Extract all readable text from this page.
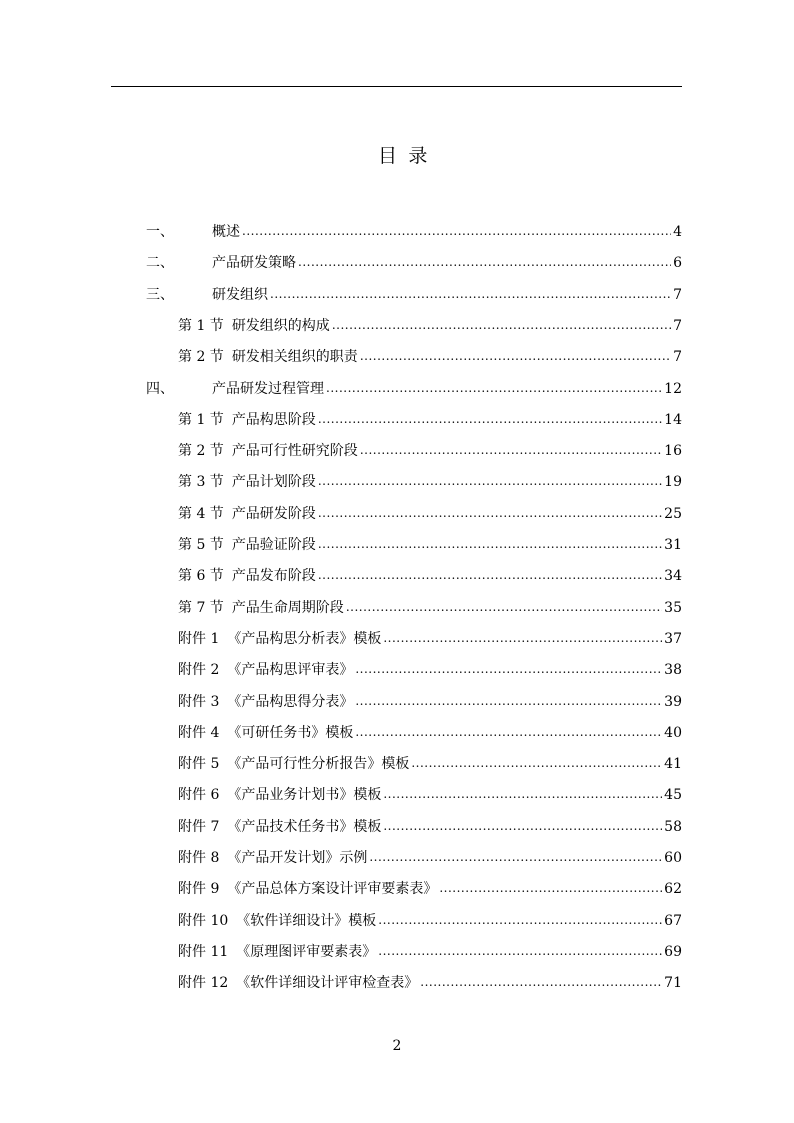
目录
一、	概述 .....	4
二、	产品研发策略 .....	6
三、	研发组织 .....	7
第 1 节 研发组织的构成 .....	7
第 2 节 研发相关组织的职责 .....	7
四、	产品研发过程管理 .....	12
第 1 节 产品构思阶段 .....	14
第 2 节 产品可行性研究阶段 .....	16
第 3 节 产品计划阶段 .....	19
第 4 节 产品研发阶段 .....	25
第 5 节 产品验证阶段 .....	31
第 6 节 产品发布阶段 .....	34
第 7 节 产品生命周期阶段 .....	35
附件 1 《产品构思分析表》模板 .....	37
附件 2 《产品构思评审表》 .....	38
附件 3 《产品构思得分表》 .....	39
附件 4 《可研任务书》模板 .....	40
附件 5 《产品可行性分析报告》模板 .....	41
附件 6 《产品业务计划书》模板 .....	45
附件 7 《产品技术任务书》模板 .....	58
附件 8 《产品开发计划》示例 .....	60
附件 9 《产品总体方案设计评审要素表》 .....	62
附件 10 《软件详细设计》模板 .....	67
附件 11 《原理图评审要素表》 .....	69
附件 12 《软件详细设计评审检查表》 .....	71
2
